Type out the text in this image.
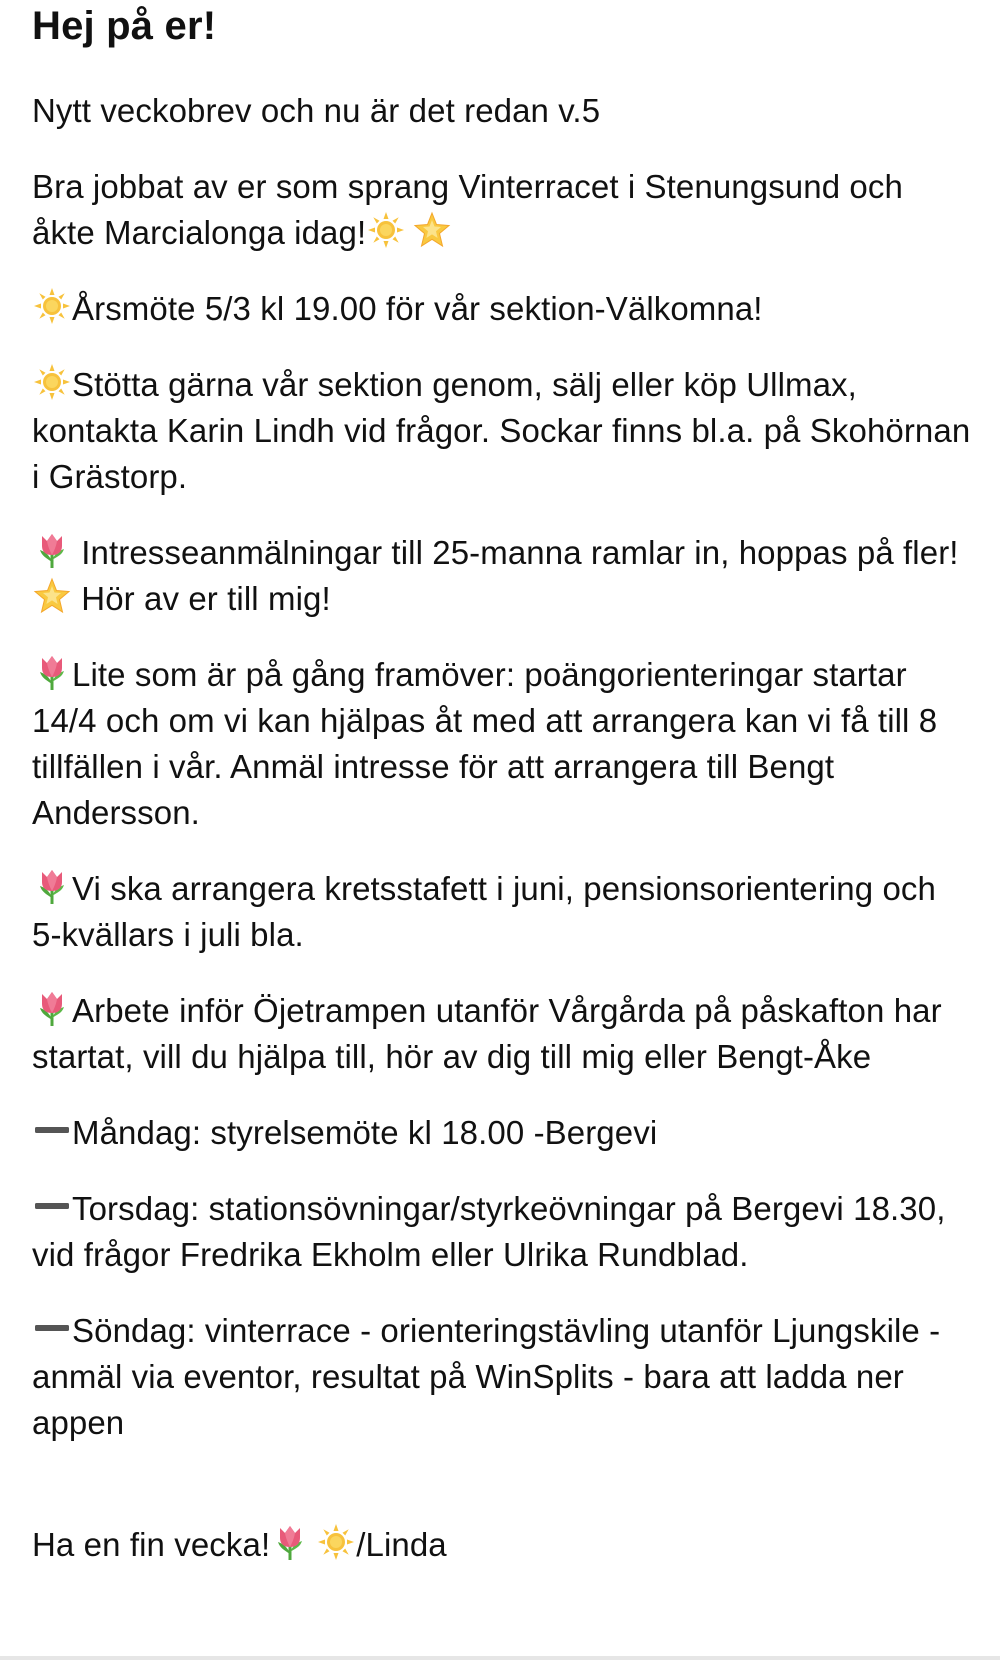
Hej på er!

Nytt veckobrev och nu är det redan v.5

Bra jobbat av er som sprang Vinterracet i Stenungsund och åkte Marcialonga idag!

Årsmöte 5/3 kl 19.00 för vår sektion-Välkomna!

Stötta gärna vår sektion genom, sälj eller köp Ullmax, kontakta Karin Lindh vid frågor. Sockar finns bl.a. på Skohörnan i Grästorp.

Intresseanmälningar till 25-manna ramlar in, hoppas på fler!
Hör av er till mig!

Lite som är på gång framöver: poängorienteringar startar 14/4 och om vi kan hjälpas åt med att arrangera kan vi få till 8 tillfällen i vår. Anmäl intresse för att arrangera till Bengt Andersson.

Vi ska arrangera kretsstafett i juni, pensionsorientering och 5-kvällars i juli bla.

Arbete inför Öjetrampen utanför Vårgårda på påskafton har startat, vill du hjälpa till, hör av dig till mig eller Bengt-Åke

Måndag: styrelsemöte kl 18.00 -Bergevi

Torsdag: stationsövningar/styrkeövningar på Bergevi 18.30, vid frågor Fredrika Ekholm eller Ulrika Rundblad.

Söndag: vinterrace - orienteringstävling utanför Ljungskile - anmäl via eventor, resultat på WinSplits - bara att ladda ner appen

Ha en fin vecka!	/Linda
